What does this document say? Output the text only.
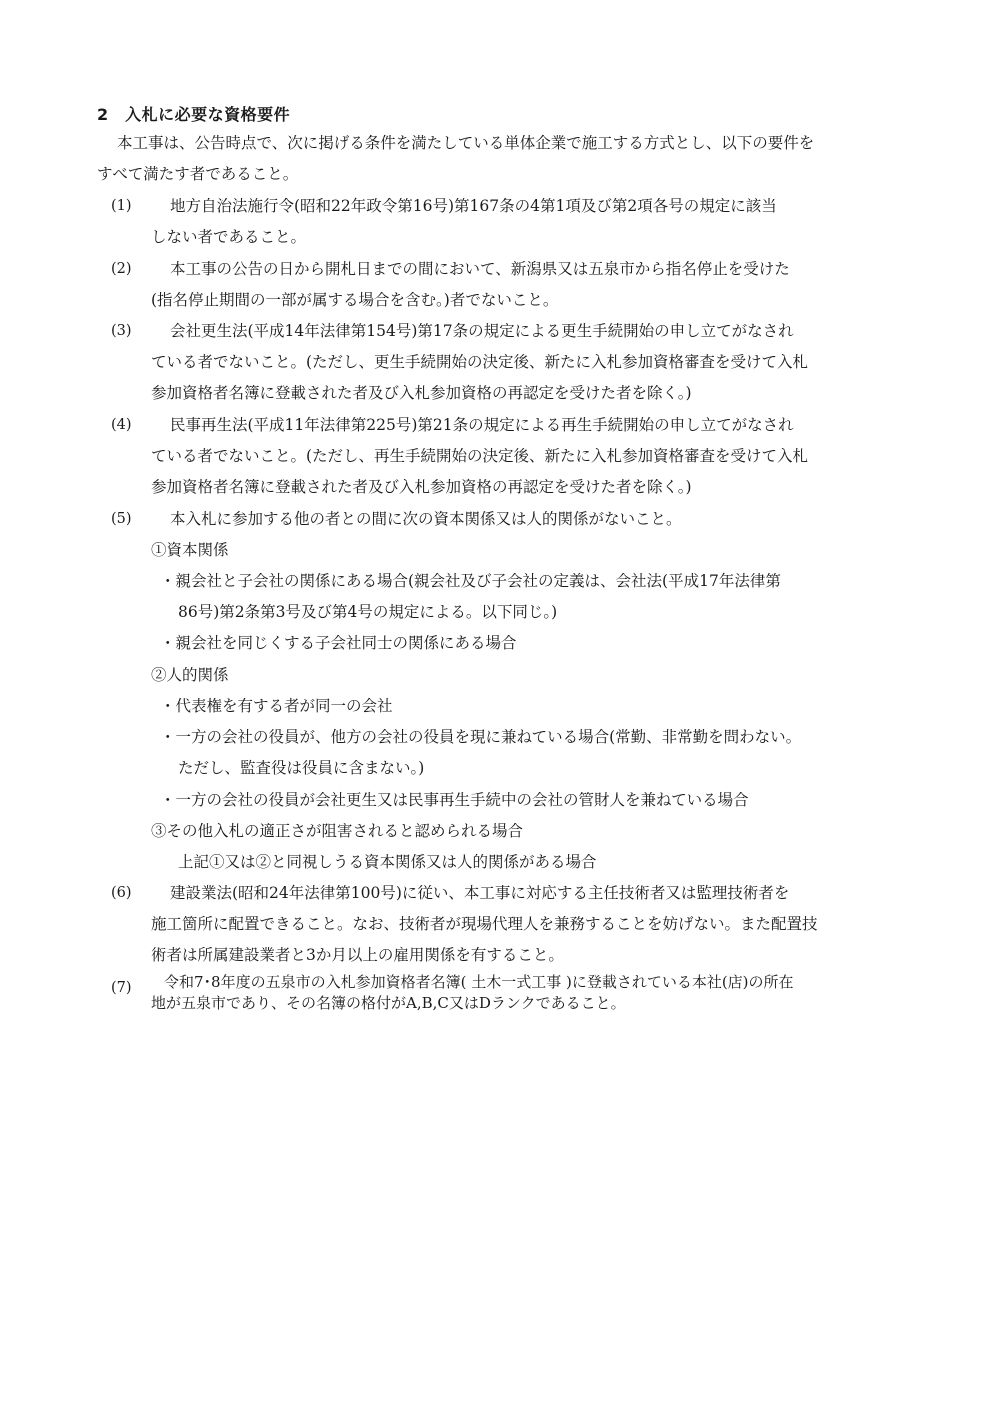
2　入札に必要な資格要件
本工事は、公告時点で、次に掲げる条件を満たしている単体企業で施工する方式とし、以下の要件を
すべて満たす者であること。
(1) 地方自治法施行令(昭和22年政令第16号)第167条の4第1項及び第2項各号の規定に該当
しない者であること。
(2) 本工事の公告の日から開札日までの間において、新潟県又は五泉市から指名停止を受けた
(指名停止期間の一部が属する場合を含む。)者でないこと。
(3) 会社更生法(平成14年法律第154号)第17条の規定による更生手続開始の申し立てがなされ
ている者でないこと。(ただし、更生手続開始の決定後、新たに入札参加資格審査を受けて入札
参加資格者名簿に登載された者及び入札参加資格の再認定を受けた者を除く。)
(4) 民事再生法(平成11年法律第225号)第21条の規定による再生手続開始の申し立てがなされ
ている者でないこと。(ただし、再生手続開始の決定後、新たに入札参加資格審査を受けて入札
参加資格者名簿に登載された者及び入札参加資格の再認定を受けた者を除く。)
(5) 本入札に参加する他の者との間に次の資本関係又は人的関係がないこと。
①資本関係
・親会社と子会社の関係にある場合(親会社及び子会社の定義は、会社法(平成17年法律第
86号)第2条第3号及び第4号の規定による。以下同じ。)
・親会社を同じくする子会社同士の関係にある場合
②人的関係
・代表権を有する者が同一の会社
・一方の会社の役員が、他方の会社の役員を現に兼ねている場合(常勤、非常勤を問わない。
ただし、監査役は役員に含まない。)
・一方の会社の役員が会社更生又は民事再生手続中の会社の管財人を兼ねている場合
③その他入札の適正さが阻害されると認められる場合
上記①又は②と同視しうる資本関係又は人的関係がある場合
(6) 建設業法(昭和24年法律第100号)に従い、本工事に対応する主任技術者又は監理技術者を
施工箇所に配置できること。なお、技術者が現場代理人を兼務することを妨げない。また配置技
術者は所属建設業者と3か月以上の雇用関係を有すること。
(7) 令和7･8年度の五泉市の入札参加資格者名簿( 土木一式工事 )に登載されている本社(店)の所在
地が五泉市であり、その名簿の格付がA,B,C又はDランクであること。
